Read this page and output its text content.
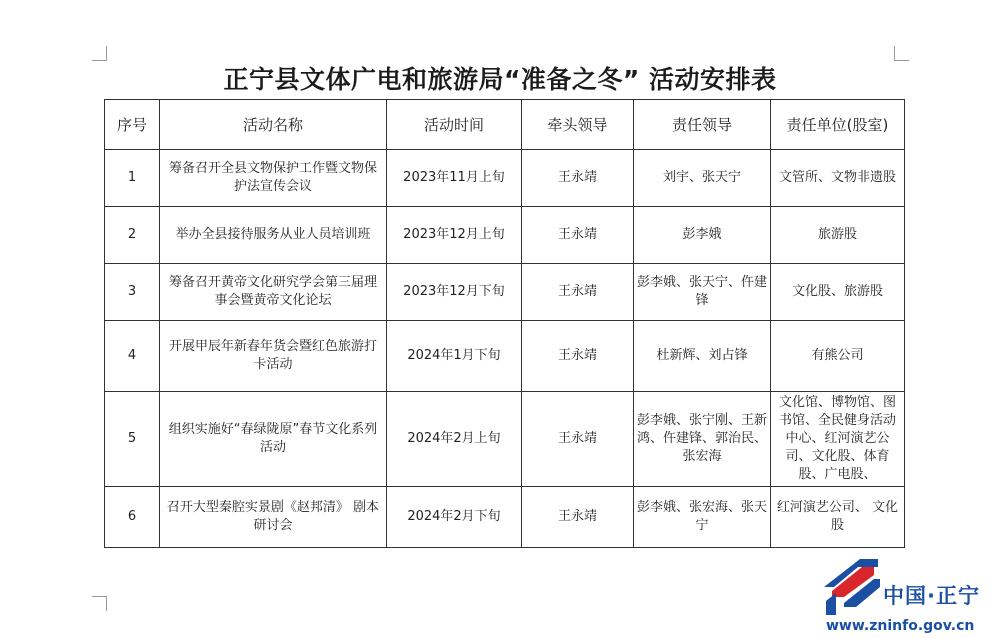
正宁县文体广电和旅游局“准备之冬” 活动安排表
序号	活动名称	活动时间	牵头领导	责任领导	责任单位(股室)
1	筹备召开全县文物保护工作暨文物保护法宣传会议	2023年11月上旬	王永靖	刘宇、张天宁	文管所、文物非遗股
2	举办全县接待服务从业人员培训班	2023年12月上旬	王永靖	彭李娥	旅游股
3	筹备召开黄帝文化研究学会第三届理事会暨黄帝文化论坛	2023年12月下旬	王永靖	彭李娥、张天宁、仵建锋	文化股、旅游股
4	开展甲辰年新春年货会暨红色旅游打卡活动	2024年1月下旬	王永靖	杜新辉、刘占锋	有熊公司
5	组织实施好“春绿陇原”春节文化系列活动	2024年2月上旬	王永靖	彭李娥、张宁刚、王新鸿、仵建锋、郭治民、张宏海	文化馆、博物馆、图书馆、全民健身活动中心、红河演艺公司、文化股、体育股、广电股、
6	召开大型秦腔实景剧《赵邦清》 剧本研讨会	2024年2月下旬	王永靖	彭李娥、张宏海、张天宁	红河演艺公司、 文化股
中国·正宁
www.zninfo.gov.cn
